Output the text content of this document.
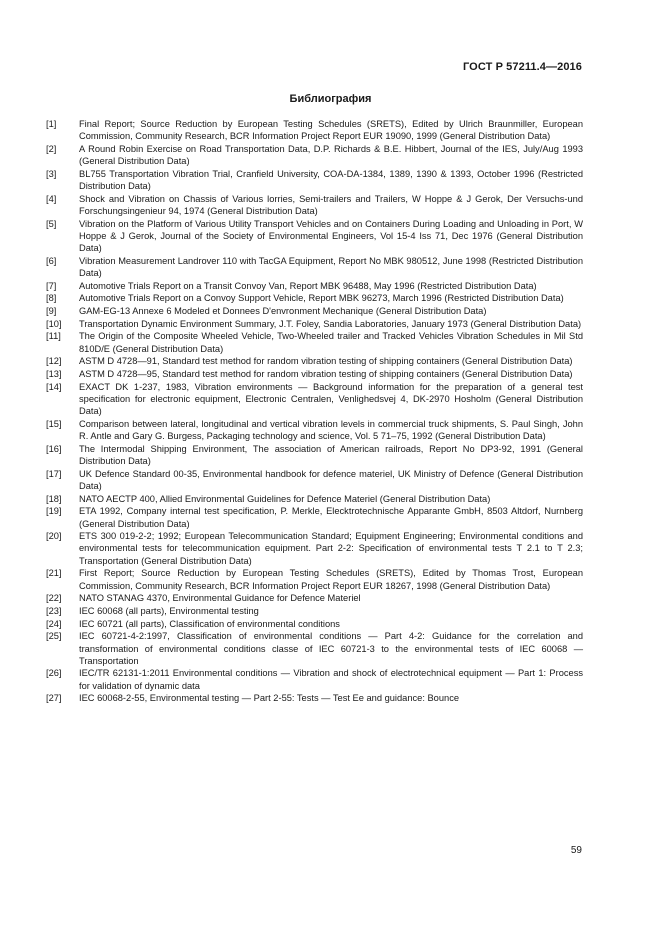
ГОСТ Р 57211.4—2016
Библиография
[1]	Final Report; Source Reduction by European Testing Schedules (SRETS), Edited by Ulrich Braunmiller, European Commission, Community Research, BCR Information Project Report EUR 19090, 1999 (General Distribution Data)
[2]	A Round Robin Exercise on Road Transportation Data, D.P. Richards & B.E. Hibbert, Journal of the IES, July/Aug 1993 (General Distribution Data)
[3]	BL755 Transportation Vibration Trial, Cranfield University, COA-DA-1384, 1389, 1390 & 1393, October 1996 (Restricted Distribution Data)
[4]	Shock and Vibration on Chassis of Various lorries, Semi-trailers and Trailers, W Hoppe & J Gerok, Der Versuchs-und Forschungsingenieur 94, 1974 (General Distribution Data)
[5]	Vibration on the Platform of Various Utility Transport Vehicles and on Containers During Loading and Unloading in Port, W Hoppe & J Gerok, Journal of the Society of Environmental Engineers, Vol 15-4 Iss 71, Dec 1976 (General Distribution Data)
[6]	Vibration Measurement Landrover 110 with TacGA Equipment, Report No MBK 980512, June 1998 (Restricted Distribution Data)
[7]	Automotive Trials Report on a Transit Convoy Van, Report MBK 96488, May 1996 (Restricted Distribution Data)
[8]	Automotive Trials Report on a Convoy Support Vehicle, Report MBK 96273, March 1996 (Restricted Distribution Data)
[9]	GAM-EG-13 Annexe 6 Modeled et Donnees D'envronment Mechanique (General Distribution Data)
[10]	Transportation Dynamic Environment Summary, J.T. Foley, Sandia Laboratories, January 1973 (General Distribution Data)
[11]	The Origin of the Composite Wheeled Vehicle, Two-Wheeled trailer and Tracked Vehicles Vibration Schedules in Mil Std 810D/E (General Distribution Data)
[12]	ASTM D 4728—91, Standard test method for random vibration testing of shipping containers (General Distribution Data)
[13]	ASTM D 4728—95, Standard test method for random vibration testing of shipping containers (General Distribution Data)
[14]	EXACT DK 1-237, 1983, Vibration environments — Background information for the preparation of a general test specification for electronic equipment, Electronic Centralen, Venlighedsvej 4, DK-2970 Hosholm (General Distribution Data)
[15]	Comparison between lateral, longitudinal and vertical vibration levels in commercial truck shipments, S. Paul Singh, John R. Antle and Gary G. Burgess, Packaging technology and science, Vol. 5 71–75, 1992 (General Distribution Data)
[16]	The Intermodal Shipping Environment, The association of American railroads, Report No DP3-92, 1991 (General Distribution Data)
[17]	UK Defence Standard 00-35, Environmental handbook for defence materiel, UK Ministry of Defence (General Distribution Data)
[18]	NATO AECTP 400, Allied Environmental Guidelines for Defence Materiel (General Distribution Data)
[19]	ETA 1992, Company internal test specification, P. Merkle, Elecktrotechnische Apparante GmbH, 8503 Altdorf, Nurnberg (General Distribution Data)
[20]	ETS 300 019-2-2; 1992; European Telecommunication Standard; Equipment Engineering; Environmental conditions and environmental tests for telecommunication equipment. Part 2-2: Specification of environmental tests T 2.1 to T 2.3; Transportation (General Distribution Data)
[21]	First Report; Source Reduction by European Testing Schedules (SRETS), Edited by Thomas Trost, European Commission, Community Research, BCR Information Project Report EUR 18267, 1998 (General Distribution Data)
[22]	NATO STANAG 4370, Environmental Guidance for Defence Materiel
[23]	IEC 60068 (all parts), Environmental testing
[24]	IEC 60721 (all parts), Classification of environmental conditions
[25]	IEC 60721-4-2:1997, Classification of environmental conditions — Part 4-2: Guidance for the correlation and transformation of environmental conditions classe of IEC 60721-3 to the environmental tests of IEC 60068 — Transportation
[26]	IEC/TR 62131-1:2011 Environmental conditions — Vibration and shock of electrotechnical equipment — Part 1: Process for validation of dynamic data
[27]	IEC 60068-2-55, Environmental testing — Part 2-55: Tests — Test Ee and guidance: Bounce
59
